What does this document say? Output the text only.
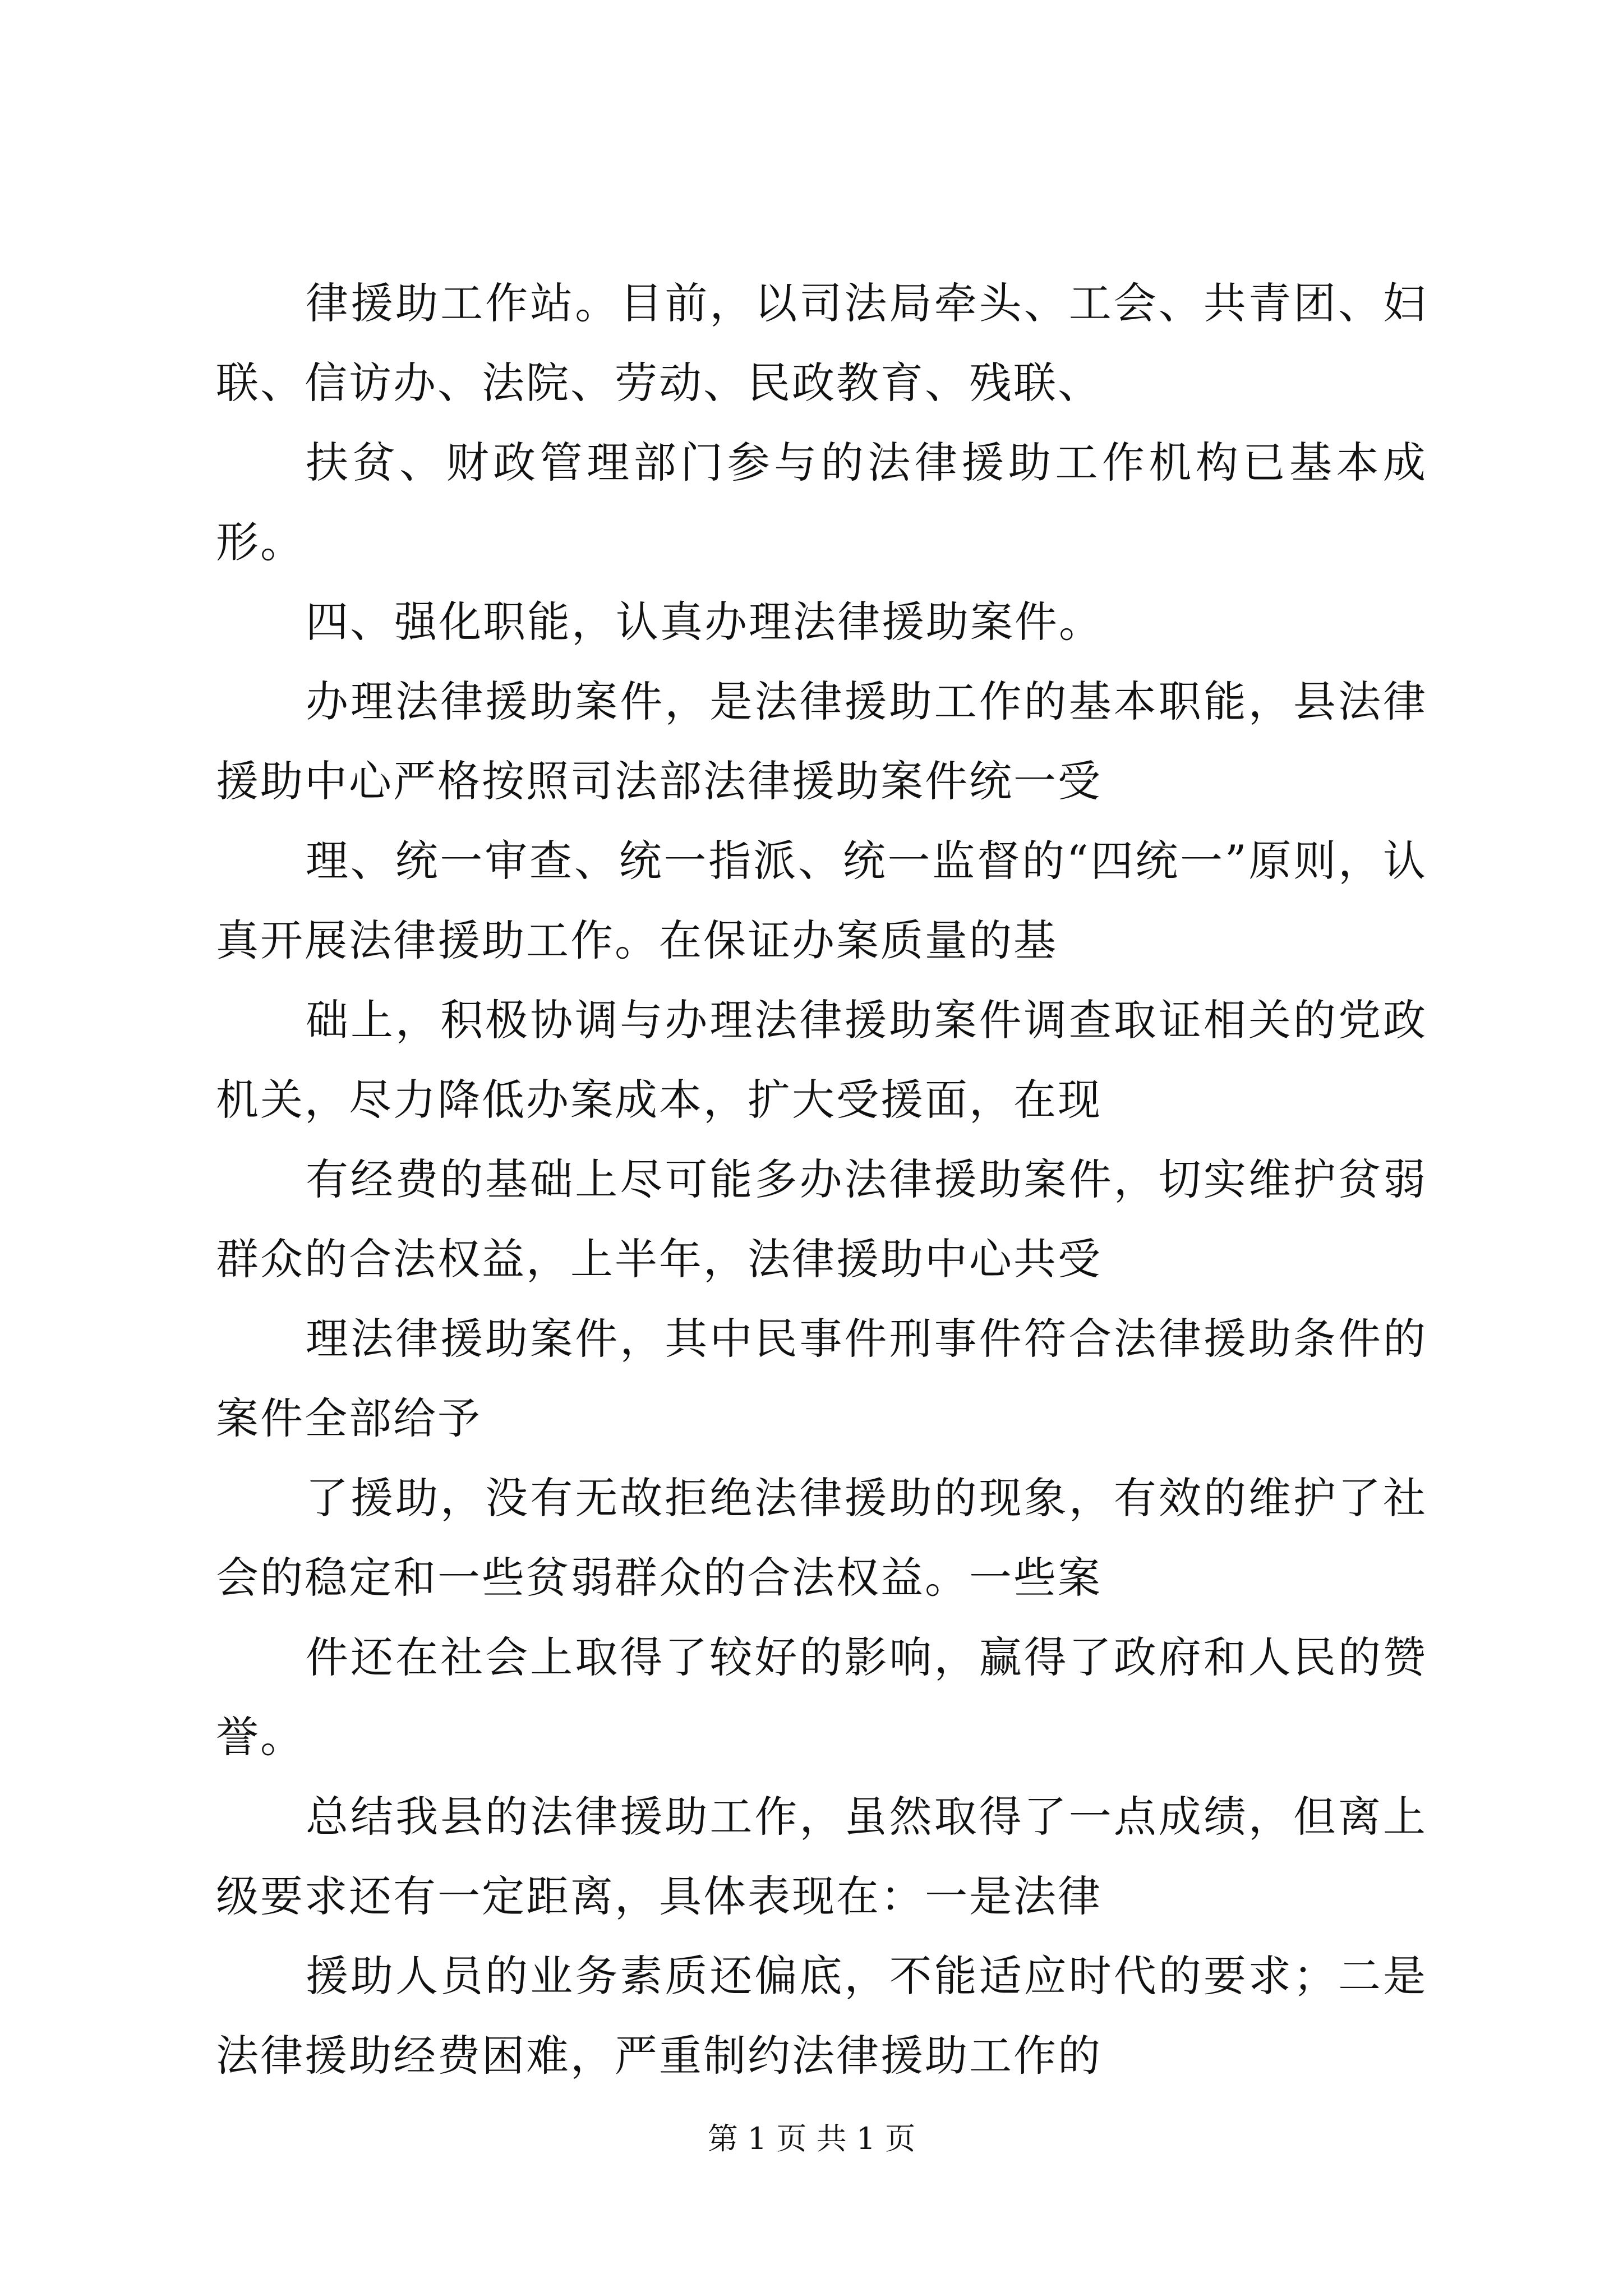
律援助工作站。目前，以司法局牵头、工会、共青团、妇联、信访办、法院、劳动、民政教育、残联、

扶贫、财政管理部门参与的法律援助工作机构已基本成形。

四、强化职能，认真办理法律援助案件。

办理法律援助案件，是法律援助工作的基本职能，县法律援助中心严格按照司法部法律援助案件统一受

理、统一审查、统一指派、统一监督的“四统一”原则，认真开展法律援助工作。在保证办案质量的基

础上，积极协调与办理法律援助案件调查取证相关的党政机关，尽力降低办案成本，扩大受援面，在现

有经费的基础上尽可能多办法律援助案件，切实维护贫弱群众的合法权益，上半年，法律援助中心共受

理法律援助案件，其中民事件刑事件符合法律援助条件的案件全部给予

了援助，没有无故拒绝法律援助的现象，有效的维护了社会的稳定和一些贫弱群众的合法权益。一些案

件还在社会上取得了较好的影响，赢得了政府和人民的赞誉。

总结我县的法律援助工作，虽然取得了一点成绩，但离上级要求还有一定距离，具体表现在：一是法律

援助人员的业务素质还偏底，不能适应时代的要求；二是法律援助经费困难，严重制约法律援助工作的

第 1 页 共 1 页
